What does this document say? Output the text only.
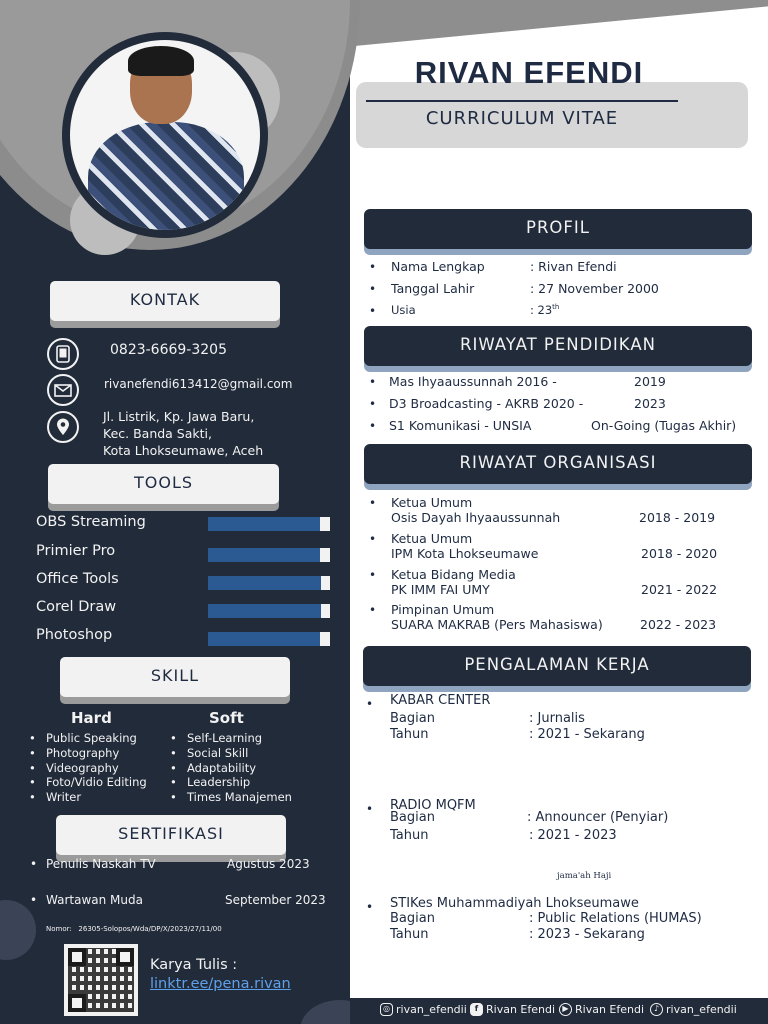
RIVAN EFENDI
CURRICULUM VITAE
KONTAK
0823-6669-3205
rivanefendi613412@gmail.com
Jl. Listrik, Kp. Jawa Baru,
Kec. Banda Sakti,
Kota Lhokseumawe, Aceh
TOOLS
OBS Streaming
Primier Pro
Office Tools
Corel Draw
Photoshop
SKILL
Hard	Soft
• Public Speaking
• Photography
• Videography
• Foto/Vidio Editing
• Writer
• Self-Learning
• Social Skill
• Adaptability
• Leadership
• Times Manajemen
SERTIFIKASI
• Penulis Naskah TV	Agustus 2023
• Wartawan Muda	September 2023
Nomor: 26305-Solopos/Wda/DP/X/2023/27/11/00
Karya Tulis :
linktr.ee/pena.rivan
PROFIL
• Nama Lengkap	: Rivan Efendi
• Tanggal Lahir	: 27 November 2000
• Usia	: 23th
RIWAYAT PENDIDIKAN
• Mas Ihyaaussunnah 2016 -	2019
• D3 Broadcasting - AKRB 2020 -	2023
• S1 Komunikasi - UNSIA	On-Going (Tugas Akhir)
RIWAYAT ORGANISASI
• Ketua Umum
Osis Dayah Ihyaaussunnah	2018 - 2019
• Ketua Umum
IPM Kota Lhokseumawe	2018 - 2020
• Ketua Bidang Media
PK IMM FAI UMY	2021 - 2022
• Pimpinan Umum
SUARA MAKRAB (Pers Mahasiswa)	2022 - 2023
PENGALAMAN KERJA
• KABAR CENTER
Bagian	: Jurnalis
Tahun	: 2021 - Sekarang
• RADIO MQFM
Bagian	: Announcer (Penyiar)
Tahun	: 2021 - 2023
jama'ah Haji
• STIKes Muhammadiyah Lhokseumawe
Bagian	: Public Relations (HUMAS)
Tahun	: 2023 - Sekarang
◎ rivan_efendii f Rivan Efendi ▶ Rivan Efendi	♪ rivan_efendii
